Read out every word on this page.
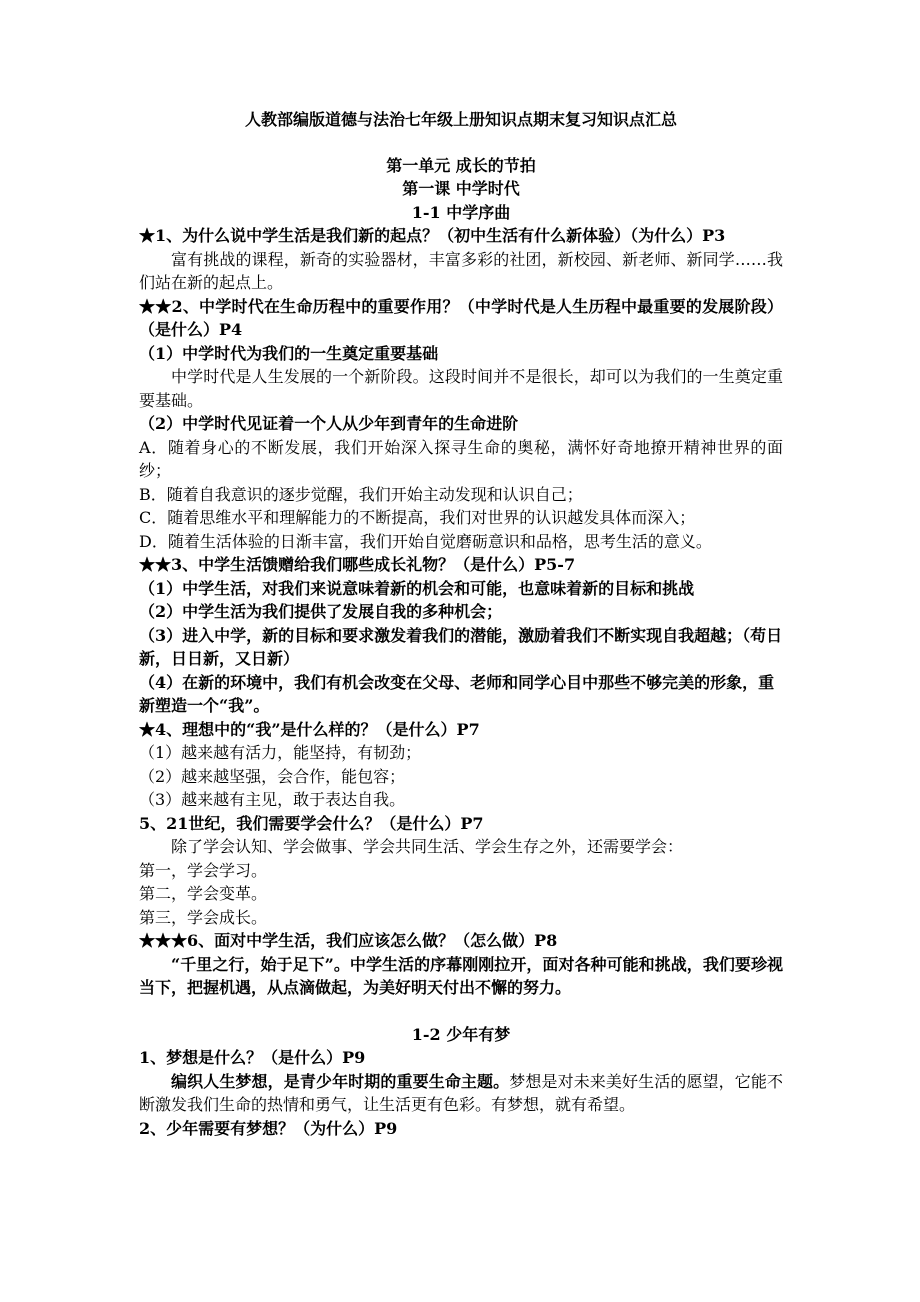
人教部编版道德与法治七年级上册知识点期末复习知识点汇总

第一单元 成长的节拍

第一课 中学时代

1-1 中学序曲

★1、为什么说中学生活是我们新的起点？（初中生活有什么新体验）（为什么）P3

富有挑战的课程，新奇的实验器材，丰富多彩的社团，新校园、新老师、新同学……我们站在新的起点上。

★★2、中学时代在生命历程中的重要作用？（中学时代是人生历程中最重要的发展阶段）（是什么）P4

（1）中学时代为我们的一生奠定重要基础

中学时代是人生发展的一个新阶段。这段时间并不是很长，却可以为我们的一生奠定重要基础。

（2）中学时代见证着一个人从少年到青年的生命进阶

A．随着身心的不断发展，我们开始深入探寻生命的奥秘，满怀好奇地撩开精神世界的面纱；

B．随着自我意识的逐步觉醒，我们开始主动发现和认识自己；

C．随着思维水平和理解能力的不断提高，我们对世界的认识越发具体而深入；

D．随着生活体验的日渐丰富，我们开始自觉磨砺意识和品格，思考生活的意义。

★★3、中学生活馈赠给我们哪些成长礼物？（是什么）P5-7

（1）中学生活，对我们来说意味着新的机会和可能，也意味着新的目标和挑战

（2）中学生活为我们提供了发展自我的多种机会；

（3）进入中学，新的目标和要求激发着我们的潜能，激励着我们不断实现自我超越；（苟日新，日日新，又日新）

（4）在新的环境中，我们有机会改变在父母、老师和同学心目中那些不够完美的形象，重新塑造一个“我”。

★4、理想中的“我”是什么样的？（是什么）P7

（1）越来越有活力，能坚持，有韧劲；

（2）越来越坚强，会合作，能包容；

（3）越来越有主见，敢于表达自我。

5、21世纪，我们需要学会什么？（是什么）P7

除了学会认知、学会做事、学会共同生活、学会生存之外，还需要学会：

第一，学会学习。

第二，学会变革。

第三，学会成长。

★★★6、面对中学生活，我们应该怎么做？（怎么做）P8

“千里之行，始于足下”。中学生活的序幕刚刚拉开，面对各种可能和挑战，我们要珍视当下，把握机遇，从点滴做起，为美好明天付出不懈的努力。

1-2 少年有梦

1、梦想是什么？（是什么）P9

编织人生梦想，是青少年时期的重要生命主题。梦想是对未来美好生活的愿望，它能不断激发我们生命的热情和勇气，让生活更有色彩。有梦想，就有希望。

2、少年需要有梦想？（为什么）P9
